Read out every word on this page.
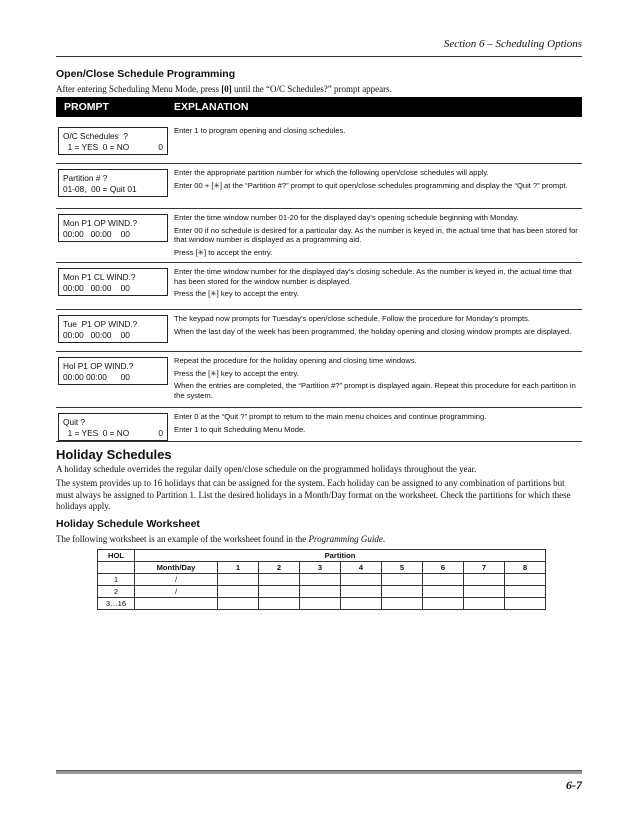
Section 6 – Scheduling Options
Open/Close Schedule Programming
After entering Scheduling Menu Mode, press [0] until the “O/C Schedules?” prompt appears.
PROMPT	EXPLANATION
O/C Schedules  ?
1 = YES  0 = NO	0

Enter 1 to program opening and closing schedules.

Partition # ?
01-08,  00 = Quit 01

Enter the appropriate partition number for which the following open/close schedules will apply.

Enter 00 + [✳] at the “Partition #?” prompt to quit open/close schedules programming and display the “Quit ?” prompt.

Mon P1 OP WIND.?
00:00   00:00    00

Enter the time window number 01-20 for the displayed day’s opening schedule beginning with Monday.

Enter 00 if no schedule is desired for a particular day. As the number is keyed in, the actual time that has been stored for that window number is displayed as a programming aid.

Press [✳] to accept the entry.

Mon P1 CL WIND.?
00:00   00:00    00

Enter the time window number for the displayed day’s closing schedule. As the number is keyed in, the actual time that has been stored for the window number is displayed.

Press the [✳] key to accept the entry.

Tue  P1 OP WIND.?
00:00   00:00    00

The keypad now prompts for Tuesday’s open/close schedule. Follow the procedure for Monday’s prompts.

When the last day of the week has been programmed, the holiday opening and closing window prompts are displayed.

Hol P1 OP WIND.?
00:00 00:00      00

Repeat the procedure for the holiday opening and closing time windows.

Press the [✳] key to accept the entry.

When the entries are completed, the “Partition #?” prompt is displayed again. Repeat this procedure for each partition in the system.

Quit ?
1 = YES  0 = NO	0

Enter 0 at the “Quit ?” prompt to return to the main menu choices and continue programming.

Enter 1 to quit Scheduling Menu Mode.

Holiday Schedules

A holiday schedule overrides the regular daily open/close schedule on the programmed holidays throughout the year.

The system provides up to 16 holidays that can be assigned for the system. Each holiday can be assigned to any combination of partitions but must always be assigned to Partition 1. List the desired holidays in a Month/Day format on the worksheet. Check the partitions for which these holidays apply.

Holiday Schedule Worksheet

The following worksheet is an example of the worksheet found in the Programming Guide.

HOL	Partition								
	Month/Day	1	2	3	4	5	6	7	8
1	/								
2	/								
3…16									
6-7
